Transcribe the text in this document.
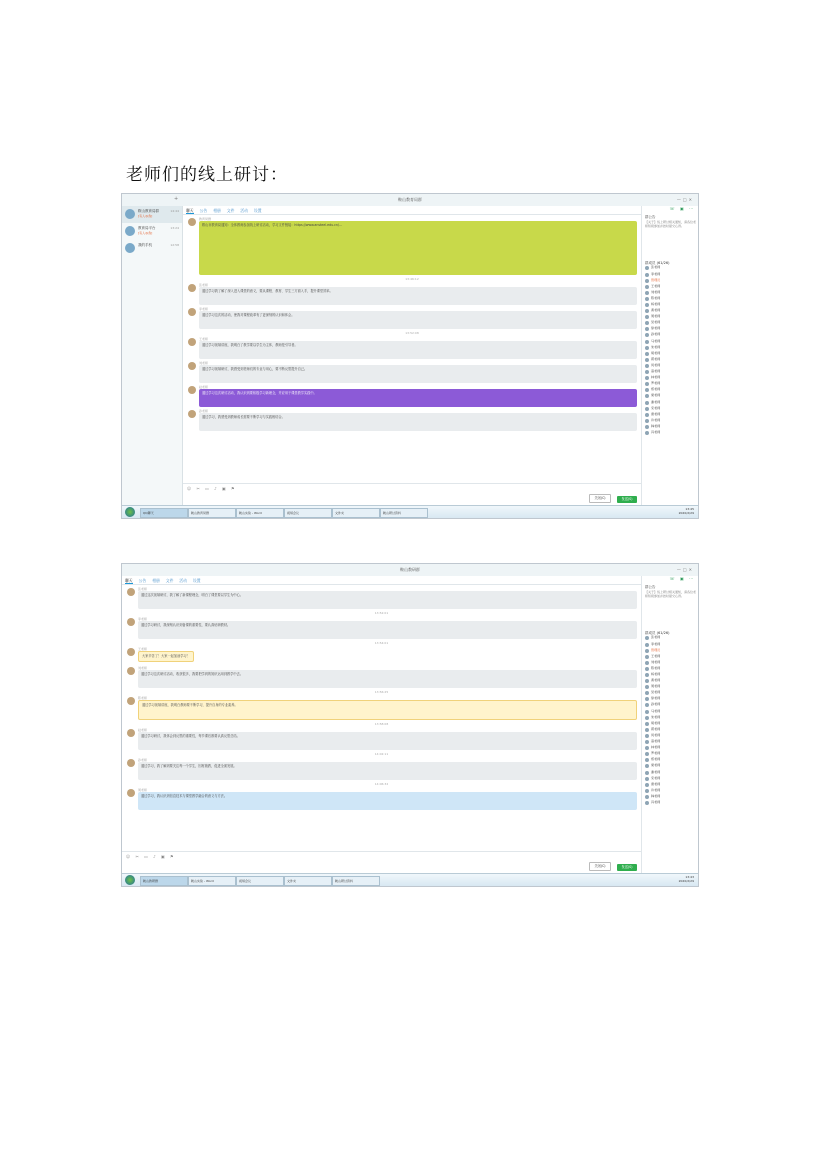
老师们的线上研讨：
+	鞍山教育局群	—□✕
鞍山教育局群
[有人@我]
14:44
教育局平台
[有人@我]
13:24
我的手机	12:58
聊天 公告 相册 文件 活动 设置
教育局群
鞍山市教育局通知：全体教师参加线上研讨活动，学习文件链接：https://www.ansteel.edu.cn/...
13:46:12
张老师
通过学习我了解了深入进入课堂的意义，要从课程、教材、学生三方面入手，提升课堂效率。
李老师
通过学习这次的活动，使我对课程改革有了更深刻的认识和体会。
13:52:08
王老师
通过学习视频讲座，我明白了教学要以学生为主体，教师是引导者。
刘老师
通过学习视频研讨，我感受到老师们的专业与用心，要不断反思提升自己。
赵老师
通过学习这次研讨活动，我认识到要积极学习新理念，并应用于课堂教学实践中。
孙老师
通过学习，我感受到教师成长需要不断学习与实践相结合。
☺ ✂ ▭ ♪ ▣ ⚑
关闭(C)	发送(S)
☏ ▣ ⋯
群公告
【关于】线上研讨相关通知，请各位老师积极参加并按时提交心得。
群成员 (61/26)
张老师
李老师
管理员
王老师
刘老师
陈老师
杨老师
黄老师
周老师
吴老师
徐老师
孙老师
马老师
朱老师
胡老师
郭老师
何老师
高老师
林老师
罗老师
郑老师
梁老师
谢老师
宋老师
唐老师
许老师
韩老师
冯老师
13:45
2020/2/29
QQ聊天	鞍山教育局群	鞍山实验 - Word	视频会议	文件夹	鞍山研讨资料
鞍山教研群	—□✕
聊天 公告 相册 文件 活动 设置
张老师
通过这次视频研讨，我了解了新课程理念，明白了课堂要以学生为中心。
13:52:01
李老师
通过学习研讨，我深刻认识到备课的重要性，要认真钻研教材。
13:54:01
王老师
大家辛苦了！大家一起加油学习！
刘老师
通过学习这次研讨活动，收获很多，我要把学到的知识运用到教学中去。
13:56:25
陈老师
通过学习视频讲座，我明白教师要不断学习，提升自身的专业素养。
13:58:08
赵老师
通过学习研讨，我体会到反思的重要性，每节课后都要认真反思总结。
14:02:11
孙老师
通过学习，我了解到要关注每一个学生，因材施教，促进全面发展。
14:06:32
周老师
通过学习，我认识到信息技术与课堂教学融合的意义与方法。
☺ ✂ ▭ ♪ ▣ ⚑
关闭(C)	发送(S)
☏ ▣ ⋯
群公告
【关于】线上研讨相关通知，请各位老师积极参加并按时提交心得。
群成员 (61/26)
张老师
李老师
管理员
王老师
刘老师
陈老师
杨老师
黄老师
周老师
吴老师
徐老师
孙老师
马老师
朱老师
胡老师
郭老师
何老师
高老师
林老师
罗老师
郑老师
梁老师
谢老师
宋老师
唐老师
许老师
韩老师
冯老师
13:43
2020/2/29
鞍山教研群	鞍山实验 - Word	视频会议	文件夹	鞍山研讨资料
